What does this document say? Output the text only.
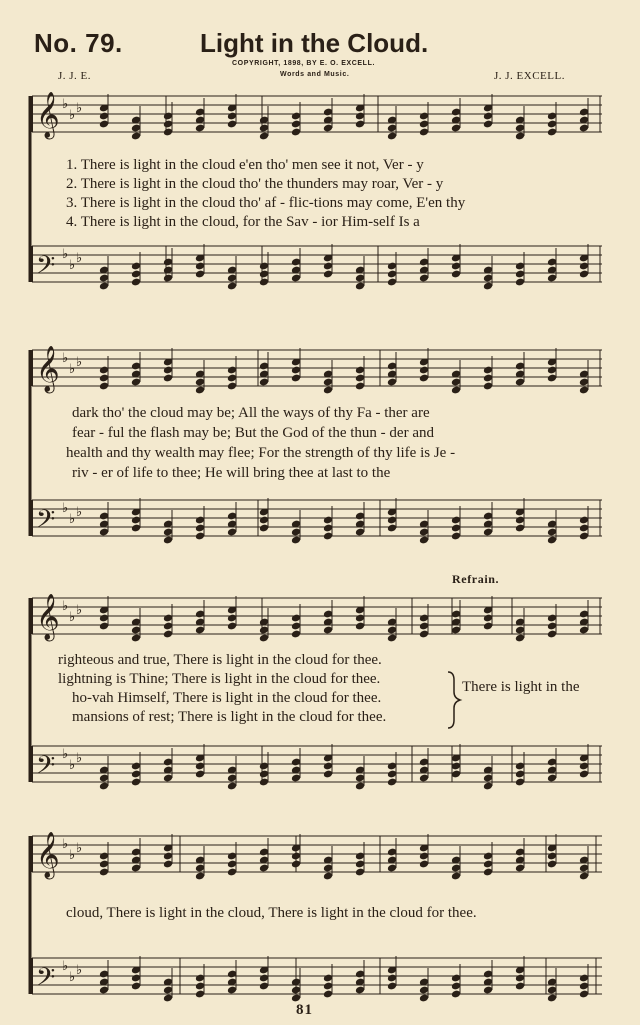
No. 79.	Light in the Cloud.
COPYRIGHT, 1898, BY E. O. EXCELL.
Words and Music.
J. J. E.	J. J. EXCELL.
𝄞 ♭
♭ ♭
𝄢 ♭
♭ ♭
𝄞 ♭
♭ ♭
𝄢 ♭
♭ ♭
𝄞 ♭
♭ ♭
𝄢 ♭
♭ ♭
𝄞 ♭
♭ ♭
𝄢 ♭
♭ ♭
1. There is light in the cloud e'en tho' men see it not, Ver - y
2. There is light in the cloud tho' the thunders may roar, Ver - y
3. There is light in the cloud tho' af - flic-tions may come, E'en thy
4. There is light in the cloud, for the Sav - ior Him-self Is a
dark tho' the cloud may be; All the ways of thy Fa - ther are
fear - ful the flash may be; But the God of the thun - der and
health and thy wealth may flee; For the strength of thy life is Je -
riv - er of life to thee; He will bring thee at last to the
Refrain.
righteous and true, There is light in the cloud for thee.
lightning is Thine; There is light in the cloud for thee.
ho-vah Himself, There is light in the cloud for thee.
mansions of rest; There is light in the cloud for thee.
There is light in the
cloud, There is light in the cloud, There is light in the cloud for thee.
81
